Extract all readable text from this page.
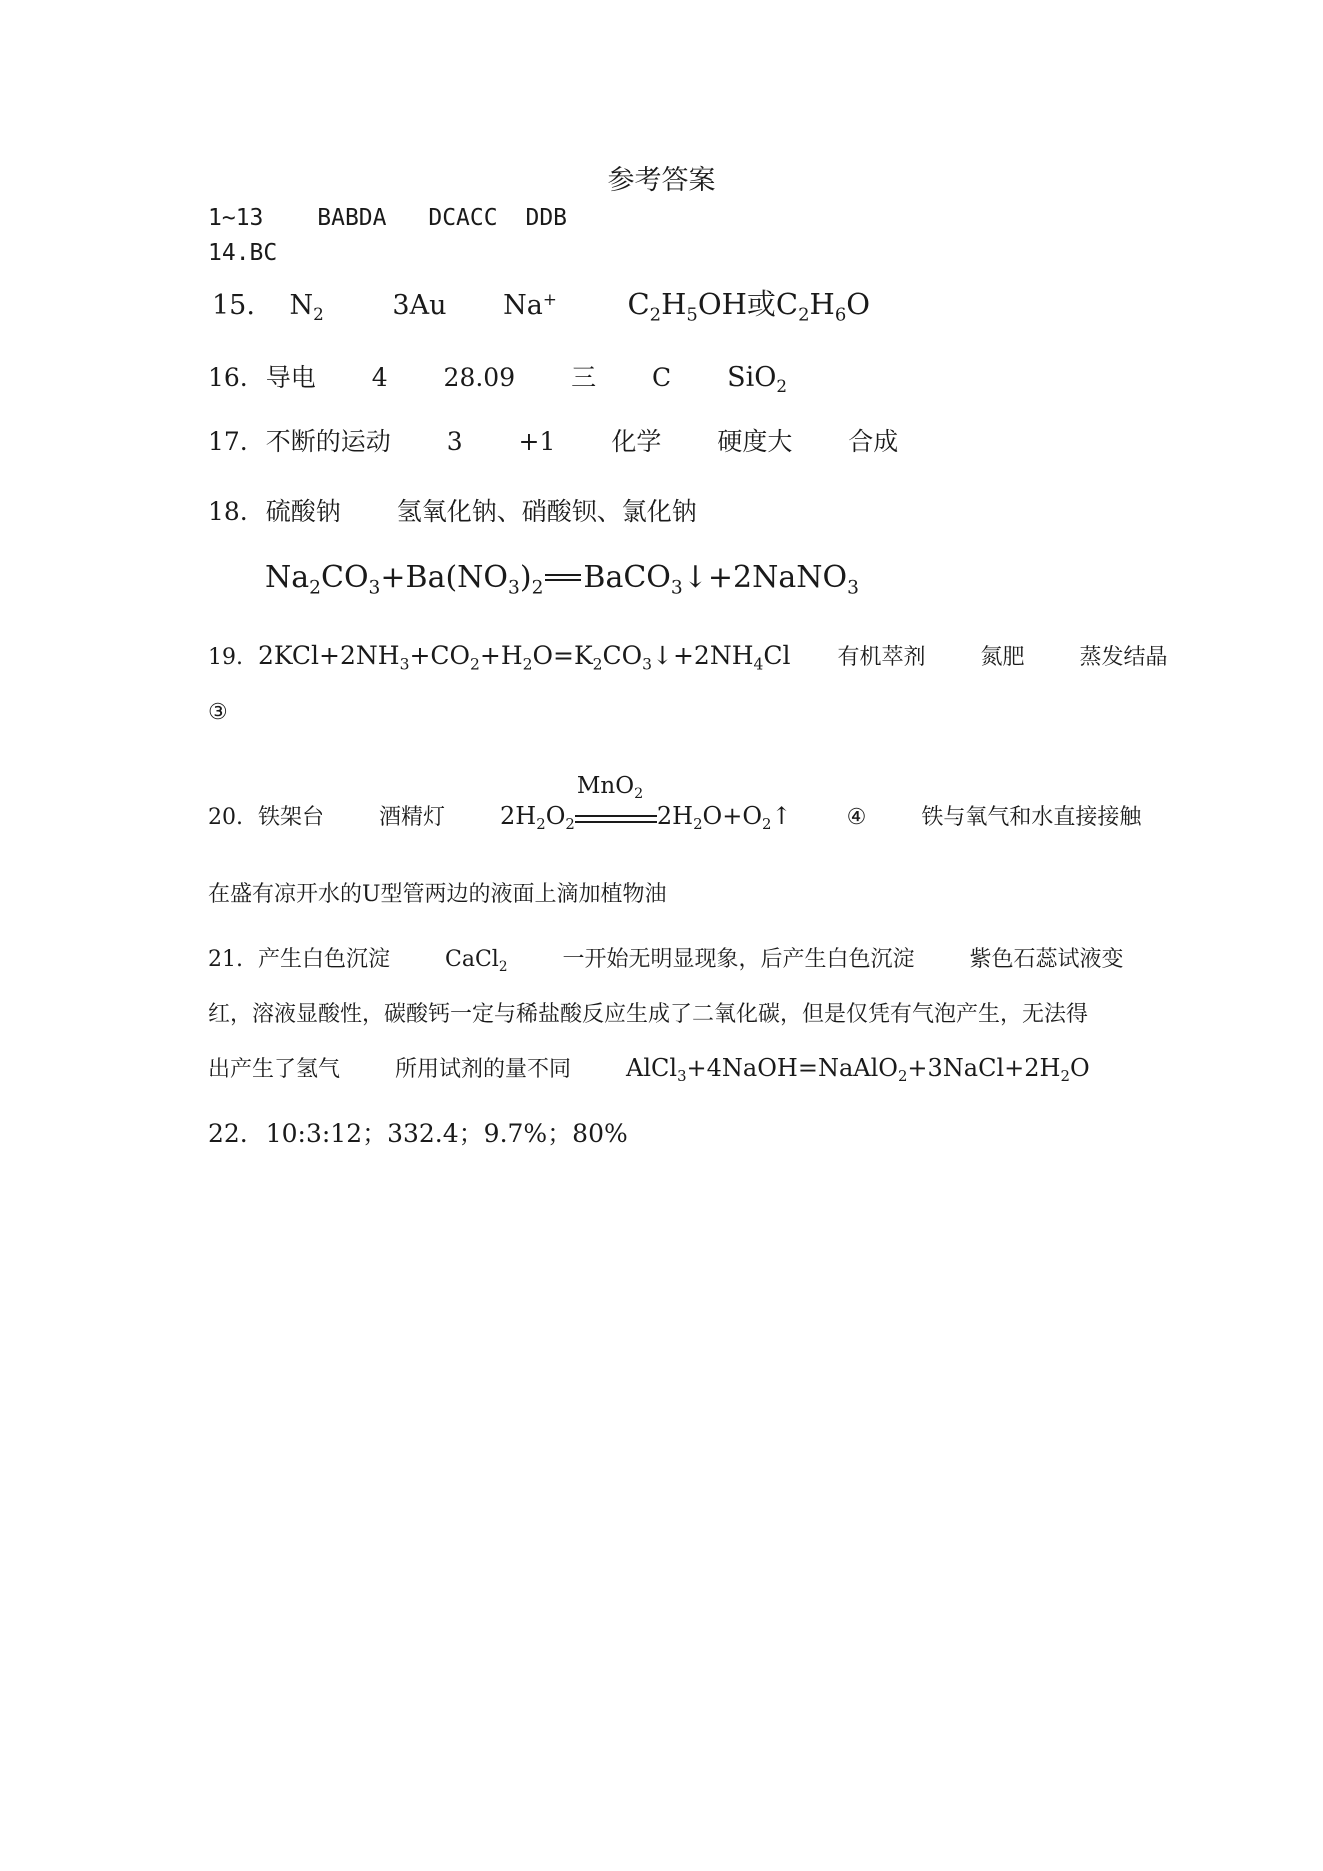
参考答案
1~13 BABDA DCACC DDB
14.BC
15. $N_2$	3Au Na+ $C_2H_5OH$或$C_2H_6O$
16. 导电 4 28.09 三 C SiO$_2$
17. 不断的运动 3 +1 化学 硬度大 合成
18. 硫酸钠 氢氧化钠、硝酸钡、氯化钠
$Na_2CO_3+Ba(NO_3)_2$ BaCO$_3$↓+2NaNO$_3$
19. $2KCl+2NH_3+CO_2+H_2O=K_2CO_3↓+2NH_4Cl$ 有机萃剂	氮肥	蒸发结晶
③
20. 铁架台	酒精灯 $2H_2O_2$
MnO$_2$
$2H_2O+O_2↑$	④	铁与氧气和水直接接触
在盛有凉开水的U型管两边的液面上滴加植物油
21. 产生白色沉淀	CaCl$_2$	一开始无明显现象，后产生白色沉淀	紫色石蕊试液变
红，溶液显酸性，碳酸钙一定与稀盐酸反应生成了二氧化碳，但是仅凭有气泡产生，无法得
出产生了氢气	所用试剂的量不同 $AlCl_3+4NaOH=NaAlO_2+3NaCl+2H_2O$
22. 10:3:12；332.4；9.7%；80%
